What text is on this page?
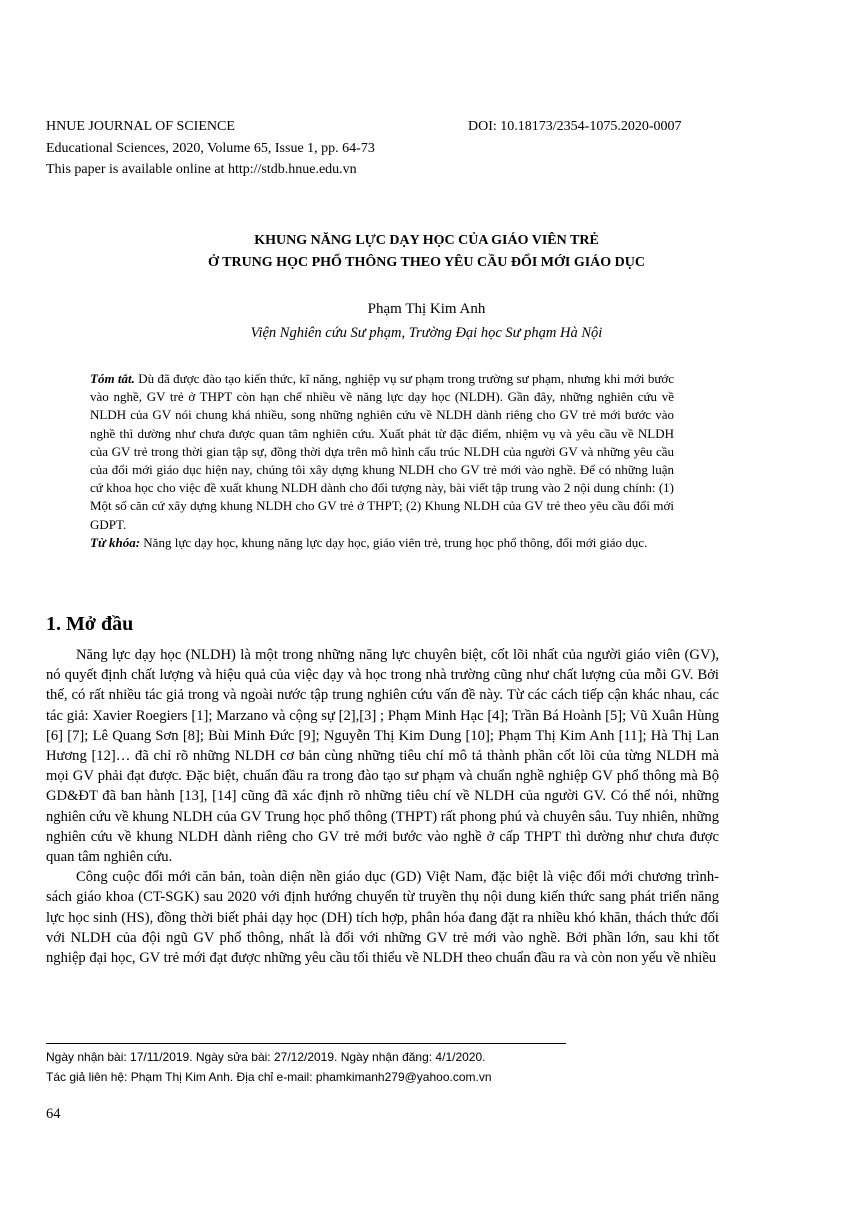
HNUE JOURNAL OF SCIENCE	DOI: 10.18173/2354-1075.2020-0007
Educational Sciences, 2020, Volume 65, Issue 1, pp. 64-73
This paper is available online at http://stdb.hnue.edu.vn
KHUNG NĂNG LỰC DẠY HỌC CỦA GIÁO VIÊN TRẺ
Ở TRUNG HỌC PHỔ THÔNG THEO YÊU CẦU ĐỔI MỚI GIÁO DỤC
Phạm Thị Kim Anh
Viện Nghiên cứu Sư phạm, Trường Đại học Sư phạm Hà Nội

Tóm tắt. Dù đã được đào tạo kiến thức, kĩ năng, nghiệp vụ sư phạm trong trường sư phạm, nhưng khi mới bước vào nghề, GV trẻ ở THPT còn hạn chế nhiều về năng lực dạy học (NLDH). Gần đây, những nghiên cứu về NLDH của GV nói chung khá nhiều, song những nghiên cứu về NLDH dành riêng cho GV trẻ mới bước vào nghề thì dường như chưa được quan tâm nghiên cứu. Xuất phát từ đặc điểm, nhiệm vụ và yêu cầu về NLDH của GV trẻ trong thời gian tập sự, đồng thời dựa trên mô hình cấu trúc NLDH của người GV và những yêu cầu của đổi mới giáo dục hiện nay, chúng tôi xây dựng khung NLDH cho GV trẻ mới vào nghề. Để có những luận cứ khoa học cho việc đề xuất khung NLDH dành cho đối tượng này, bài viết tập trung vào 2 nội dung chính: (1) Một số căn cứ xây dựng khung NLDH cho GV trẻ ở THPT; (2) Khung NLDH của GV trẻ theo yêu cầu đổi mới GDPT.

Từ khóa: Năng lực dạy học, khung năng lực dạy học, giáo viên trẻ, trung học phổ thông, đổi mới giáo dục.

1. Mở đầu

Năng lực dạy học (NLDH) là một trong những năng lực chuyên biệt, cốt lõi nhất của người giáo viên (GV), nó quyết định chất lượng và hiệu quả của việc dạy và học trong nhà trường cũng như chất lượng của mỗi GV. Bởi thế, có rất nhiều tác giả trong và ngoài nước tập trung nghiên cứu vấn đề này. Từ các cách tiếp cận khác nhau, các tác giả: Xavier Roegiers [1]; Marzano và cộng sự [2],[3] ; Phạm Minh Hạc [4]; Trần Bá Hoành [5]; Vũ Xuân Hùng [6] [7]; Lê Quang Sơn [8]; Bùi Minh Đức [9]; Nguyễn Thị Kim Dung [10]; Phạm Thị Kim Anh [11]; Hà Thị Lan Hương [12]… đã chỉ rõ những NLDH cơ bản cùng những tiêu chí mô tả thành phần cốt lõi của từng NLDH mà mọi GV phải đạt được. Đặc biệt, chuẩn đầu ra trong đào tạo sư phạm và chuẩn nghề nghiệp GV phổ thông mà Bộ GD&ĐT đã ban hành [13], [14] cũng đã xác định rõ những tiêu chí về NLDH của người GV. Có thể nói, những nghiên cứu về khung NLDH của GV Trung học phổ thông (THPT) rất phong phú và chuyên sâu. Tuy nhiên, những nghiên cứu về khung NLDH dành riêng cho GV trẻ mới bước vào nghề ở cấp THPT thì dường như chưa được quan tâm nghiên cứu.

Công cuộc đổi mới căn bản, toàn diện nền giáo dục (GD) Việt Nam, đặc biệt là việc đổi mới chương trình-sách giáo khoa (CT-SGK) sau 2020 với định hướng chuyển từ truyền thụ nội dung kiến thức sang phát triển năng lực học sinh (HS), đồng thời biết phải dạy học (DH) tích hợp, phân hóa đang đặt ra nhiều khó khăn, thách thức đối với NLDH của đội ngũ GV phổ thông, nhất là đối với những GV trẻ mới vào nghề. Bởi phần lớn, sau khi tốt nghiệp đại học, GV trẻ mới đạt được những yêu cầu tối thiểu về NLDH theo chuẩn đầu ra và còn non yếu về nhiều

Ngày nhận bài: 17/11/2019. Ngày sửa bài: 27/12/2019. Ngày nhận đăng: 4/1/2020.
Tác giả liên hệ: Phạm Thị Kim Anh. Địa chỉ e-mail: phamkimanh279@yahoo.com.vn
64
